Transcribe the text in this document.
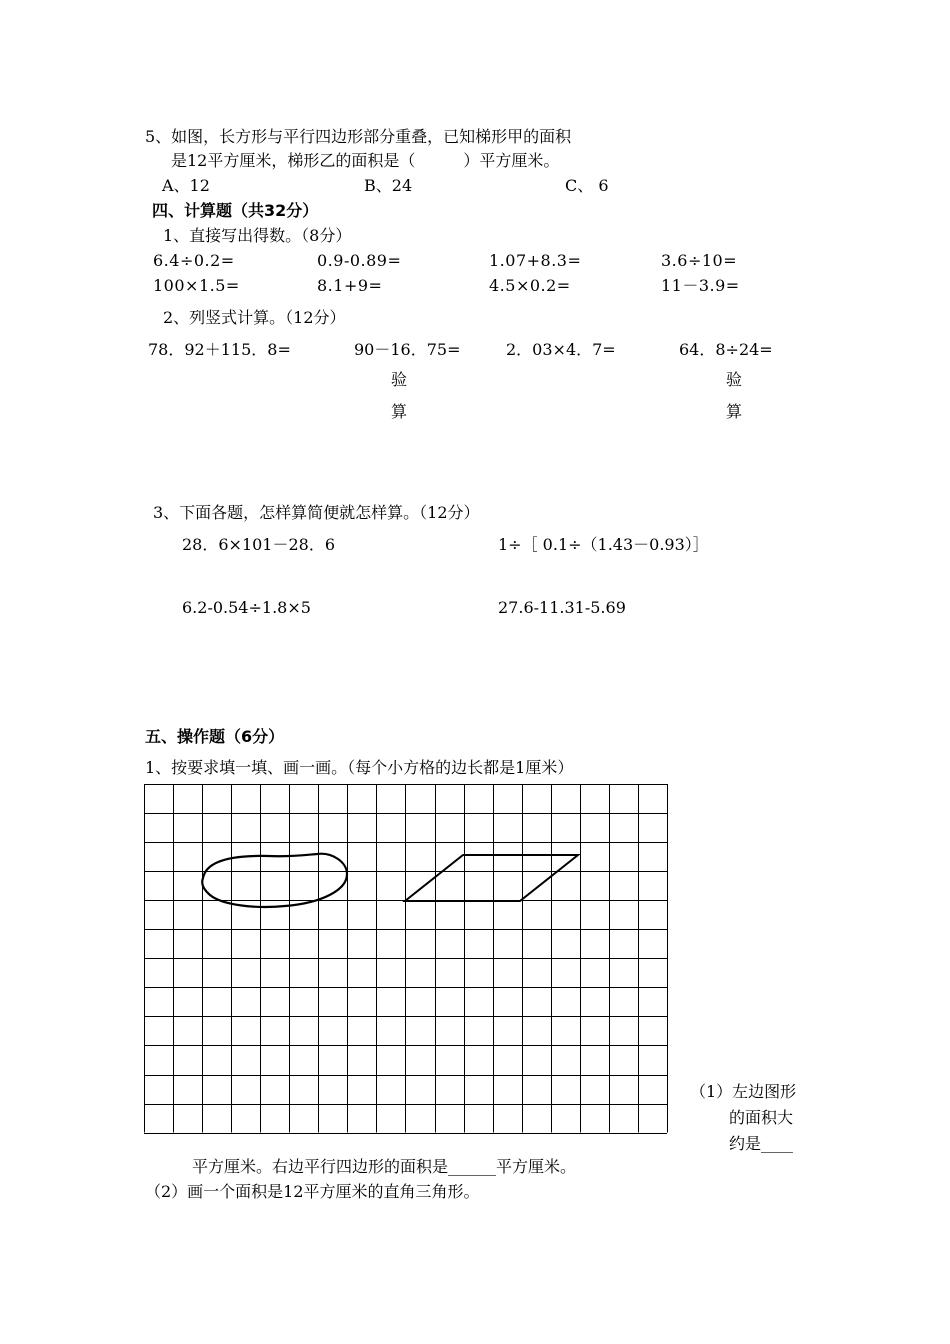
5、如图，长方形与平行四边形部分重叠，已知梯形甲的面积
是12平方厘米，梯形乙的面积是（　　　）平方厘米。
A、12	B、24	C、 6
四、计算题（共32分）
1、直接写出得数。（8分）
6.4÷0.2=	0.9-0.89=	1.07+8.3=	3.6÷10=
100×1.5=	8.1+9=	4.5×0.2=	11－3.9=
2、列竖式计算。（12分）
78．92＋115．8=	90－16．75=	2．03×4．7=	64．8÷24=
验
算
验
算
3、下面各题，怎样算简便就怎样算。（12分）
28．6×101－28．6	1÷［ 0.1÷（1.43－0.93）］
6.2-0.54÷1.8×5	27.6-11.31-5.69
五、操作题（6分）
1、按要求填一填、画一画。（每个小方格的边长都是1厘米）
（1）左边图形
的面积大
约是____
平方厘米。右边平行四边形的面积是______平方厘米。
（2）画一个面积是12平方厘米的直角三角形。
